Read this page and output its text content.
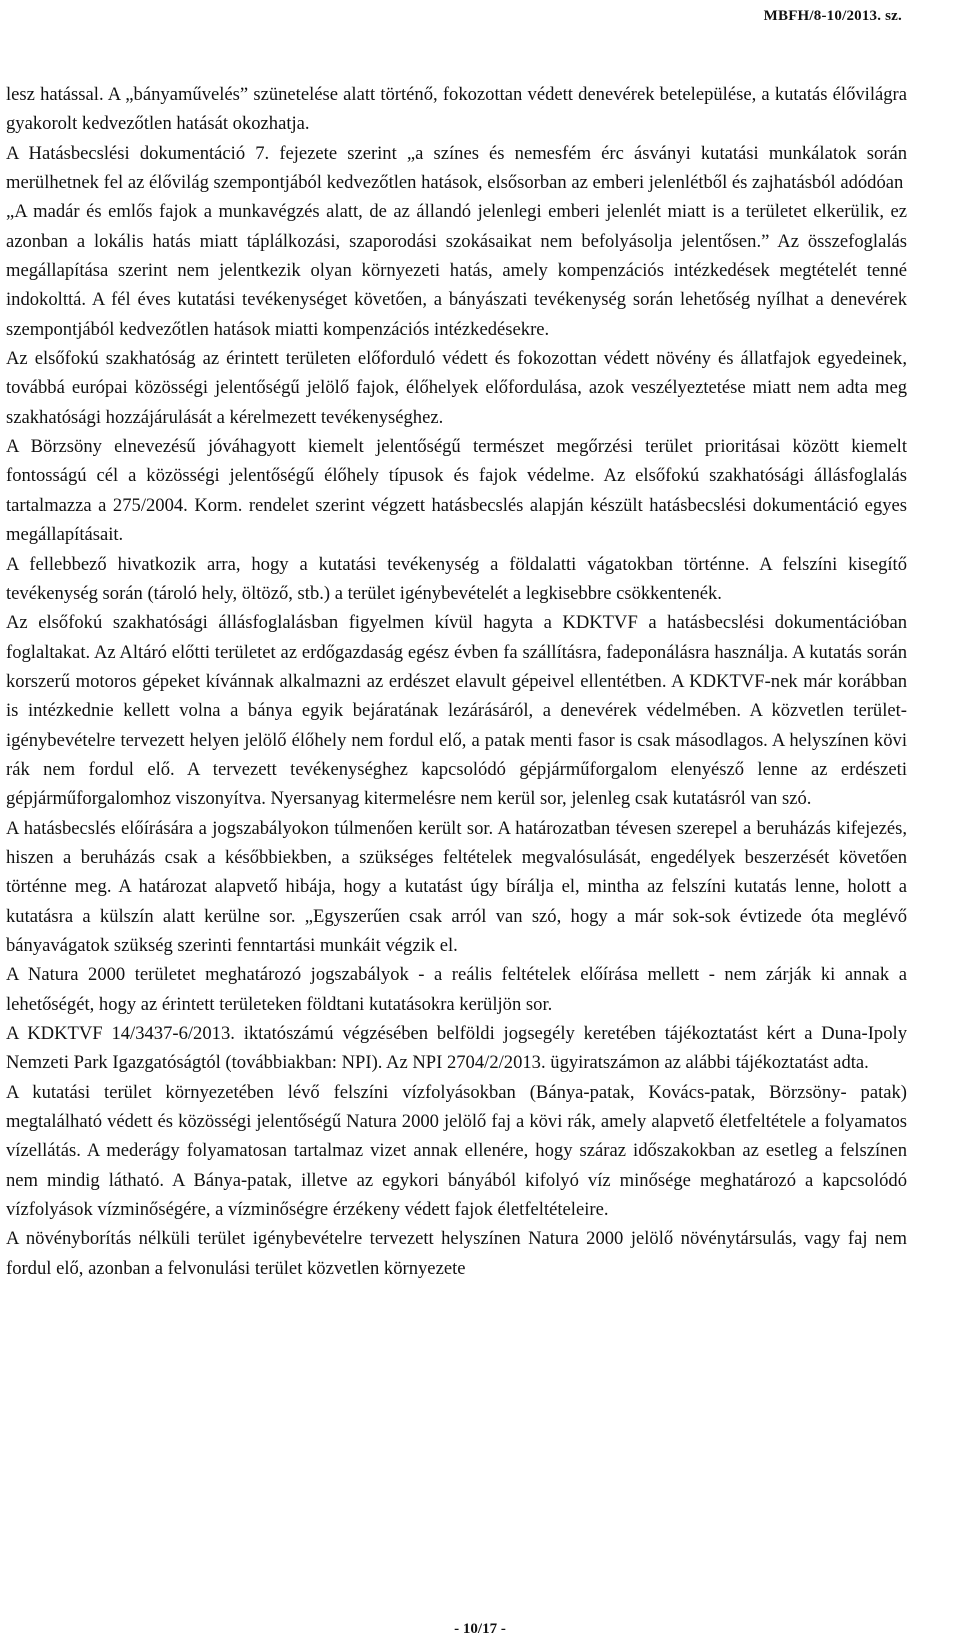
MBFH/8-10/2013. sz.

lesz hatással. A „bányaművelés” szünetelése alatt történő, fokozottan védett denevérek betelepülése, a kutatás élővilágra gyakorolt kedvezőtlen hatását okozhatja.

A Hatásbecslési dokumentáció 7. fejezete szerint „a színes és nemesfém érc ásványi kutatási munkálatok során merülhetnek fel az élővilág szempontjából kedvezőtlen hatások, elsősorban az emberi jelenlétből és zajhatásból adódóan

„A madár és emlős fajok a munkavégzés alatt, de az állandó jelenlegi emberi jelenlét miatt is a területet elkerülik, ez azonban a lokális hatás miatt táplálkozási, szaporodási szokásaikat nem befolyásolja jelentősen.” Az összefoglalás megállapítása szerint nem jelentkezik olyan környezeti hatás, amely kompenzációs intézkedések megtételét tenné indokolttá. A fél éves kutatási tevékenységet követően, a bányászati tevékenység során lehetőség nyílhat a denevérek szempontjából kedvezőtlen hatások miatti kompenzációs intézkedésekre.

Az elsőfokú szakhatóság az érintett területen előforduló védett és fokozottan védett növény és állatfajok egyedeinek, továbbá európai közösségi jelentőségű jelölő fajok, élőhelyek előfordulása, azok veszélyeztetése miatt nem adta meg szakhatósági hozzájárulását a kérelmezett tevékenységhez.

A Börzsöny elnevezésű jóváhagyott kiemelt jelentőségű természet megőrzési terület prioritásai között kiemelt fontosságú cél a közösségi jelentőségű élőhely típusok és fajok védelme. Az elsőfokú szakhatósági állásfoglalás tartalmazza a 275/2004. Korm. rendelet szerint végzett hatásbecslés alapján készült hatásbecslési dokumentáció egyes megállapításait.

A fellebbező hivatkozik arra, hogy a kutatási tevékenység a földalatti vágatokban történne. A felszíni kisegítő tevékenység során (tároló hely, öltöző, stb.) a terület igénybevételét a legkisebbre csökkentenék.

Az elsőfokú szakhatósági állásfoglalásban figyelmen kívül hagyta a KDKTVF a hatásbecslési dokumentációban foglaltakat. Az Altáró előtti területet az erdőgazdaság egész évben fa szállításra, fadeponálásra használja. A kutatás során korszerű motoros gépeket kívánnak alkalmazni az erdészet elavult gépeivel ellentétben. A KDKTVF-nek már korábban is intézkednie kellett volna a bánya egyik bejáratának lezárásáról, a denevérek védelmében. A közvetlen terület-igénybevételre tervezett helyen jelölő élőhely nem fordul elő, a patak menti fasor is csak másodlagos. A helyszínen kövi rák nem fordul elő. A tervezett tevékenységhez kapcsolódó gépjárműforgalom elenyésző lenne az erdészeti gépjárműforgalomhoz viszonyítva. Nyersanyag kitermelésre nem kerül sor, jelenleg csak kutatásról van szó.

A hatásbecslés előírására a jogszabályokon túlmenően került sor. A határozatban tévesen szerepel a beruházás kifejezés, hiszen a beruházás csak a későbbiekben, a szükséges feltételek megvalósulását, engedélyek beszerzését követően történne meg. A határozat alapvető hibája, hogy a kutatást úgy bírálja el, mintha az felszíni kutatás lenne, holott a kutatásra a külszín alatt kerülne sor. „Egyszerűen csak arról van szó, hogy a már sok-sok évtizede óta meglévő bányavágatok szükség szerinti fenntartási munkáit végzik el.

A Natura 2000 területet meghatározó jogszabályok - a reális feltételek előírása mellett - nem zárják ki annak a lehetőségét, hogy az érintett területeken földtani kutatásokra kerüljön sor.

A KDKTVF 14/3437-6/2013. iktatószámú végzésében belföldi jogsegély keretében tájékoztatást kért a Duna-Ipoly Nemzeti Park Igazgatóságtól (továbbiakban: NPI). Az NPI 2704/2/2013. ügyiratszámon az alábbi tájékoztatást adta.

A kutatási terület környezetében lévő felszíni vízfolyásokban (Bánya-patak, Kovács-patak, Börzsöny- patak) megtalálható védett és közösségi jelentőségű Natura 2000 jelölő faj a kövi rák, amely alapvető életfeltétele a folyamatos vízellátás. A mederágy folyamatosan tartalmaz vizet annak ellenére, hogy száraz időszakokban az esetleg a felszínen nem mindig látható. A Bánya-patak, illetve az egykori bányából kifolyó víz minősége meghatározó a kapcsolódó vízfolyások vízminőségére, a vízminőségre érzékeny védett fajok életfeltételeire.

A növényborítás nélküli terület igénybevételre tervezett helyszínen Natura 2000 jelölő növénytársulás, vagy faj nem fordul elő, azonban a felvonulási terület közvetlen környezete

- 10/17 -
